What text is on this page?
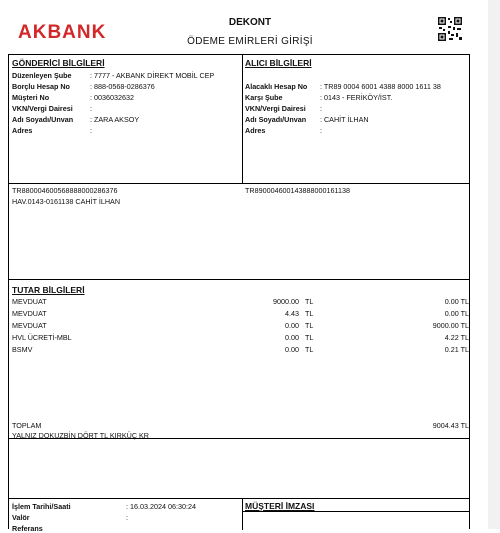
AKBANK	DEKONT
ÖDEME EMİRLERİ GİRİŞİ
GÖNDERİCİ BİLGİLERİ
Düzenleyen Şube	: 7777 - AKBANK DİREKT MOBİL CEP
Borçlu Hesap No	: 888-0568-0286376
Müşteri No	: 0036032632
VKN/Vergi Dairesi :
Adı Soyadı/Unvan : ZARA AKSOY
Adres	:
ALICI BİLGİLERİ
Alacaklı Hesap No : TR89 0004 6001 4388 8000 1611 38
Karşı Şube	: 0143 - FERİKÖY/İST.
VKN/Vergi Dairesi :
Adı Soyadı/Unvan : CAHİT İLHAN
Adres	:
TR880004600568888000286376	TR890004600143888000161138
HAV.0143-0161138 CAHİT İLHAN
TUTAR BİLGİLERİ
MEVDUAT	9000.00 TL	0.00 TL
MEVDUAT	4.43 TL	0.00 TL
MEVDUAT	0.00 TL	9000.00 TL
HVL ÜCRETİ-MBL	0.00 TL	4.22 TL
BSMV	0.00 TL	0.21 TL
TOPLAM	9004.43 TL
YALNIZ DOKUZBİN DÖRT TL KIRKÜÇ KR
İşlem Tarihi/Saati	: 16.03.2024 06:30:24
Valör	:
Referans
MÜŞTERİ İMZASI
